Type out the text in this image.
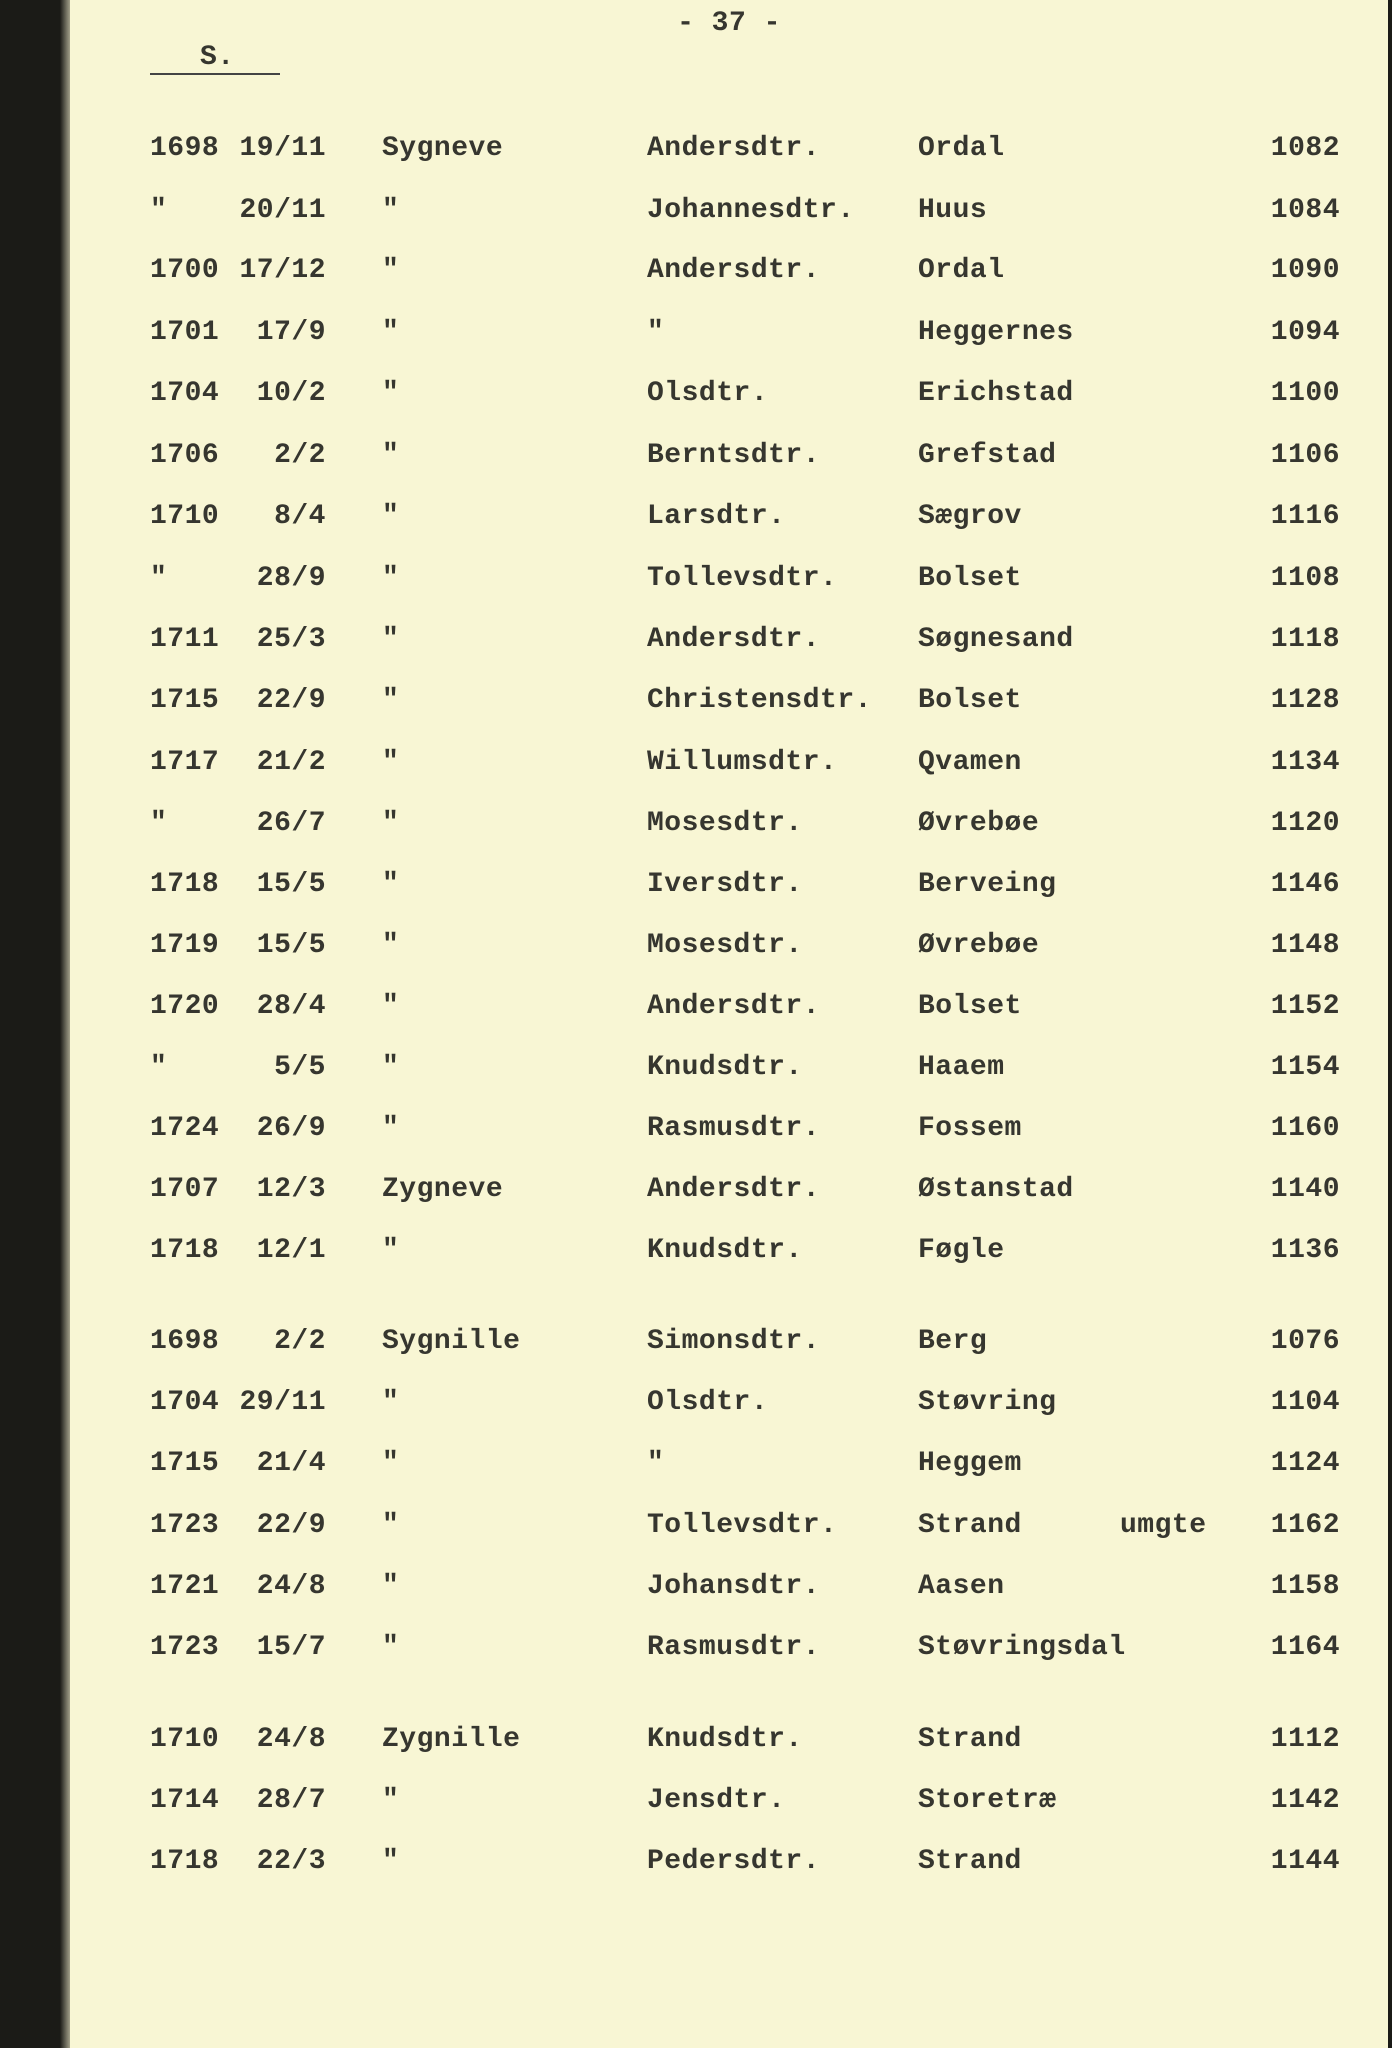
- 37 -
S.
1698 19/11 Sygneve	Andersdtr.	Ordal	1082
"	20/11 "	Johannesdtr. Huus	1084
1700 17/12 "	Andersdtr.	Ordal	1090
1701	17/9 "	"	Heggernes	1094
1704	10/2 "	Olsdtr.	Erichstad	1100
1706	2/2 "	Berntsdtr.	Grefstad	1106
1710	8/4 "	Larsdtr.	Sægrov	1116
"	28/9 "	Tollevsdtr.	Bolset	1108
1711	25/3 "	Andersdtr.	Søgnesand	1118
1715	22/9 "	Christensdtr. Bolset	1128
1717	21/2 "	Willumsdtr.	Qvamen	1134
"	26/7 "	Mosesdtr.	Øvrebøe	1120
1718	15/5 "	Iversdtr.	Berveing	1146
1719	15/5 "	Mosesdtr.	Øvrebøe	1148
1720	28/4 "	Andersdtr.	Bolset	1152
"	5/5 "	Knudsdtr.	Haaem	1154
1724	26/9 "	Rasmusdtr.	Fossem	1160
1707	12/3 Zygneve	Andersdtr.	Østanstad	1140
1718	12/1 "	Knudsdtr.	Føgle	1136
1698	2/2 Sygnille	Simonsdtr.	Berg	1076
1704 29/11 "	Olsdtr.	Støvring	1104
1715	21/4 "	"	Heggem	1124
1723	22/9 "	Tollevsdtr.	Strand	umgte	1162
1721	24/8 "	Johansdtr.	Aasen	1158
1723	15/7 "	Rasmusdtr.	Støvringsdal	1164
1710	24/8 Zygnille	Knudsdtr.	Strand	1112
1714	28/7 "	Jensdtr.	Storetræ	1142
1718	22/3 "	Pedersdtr.	Strand	1144
